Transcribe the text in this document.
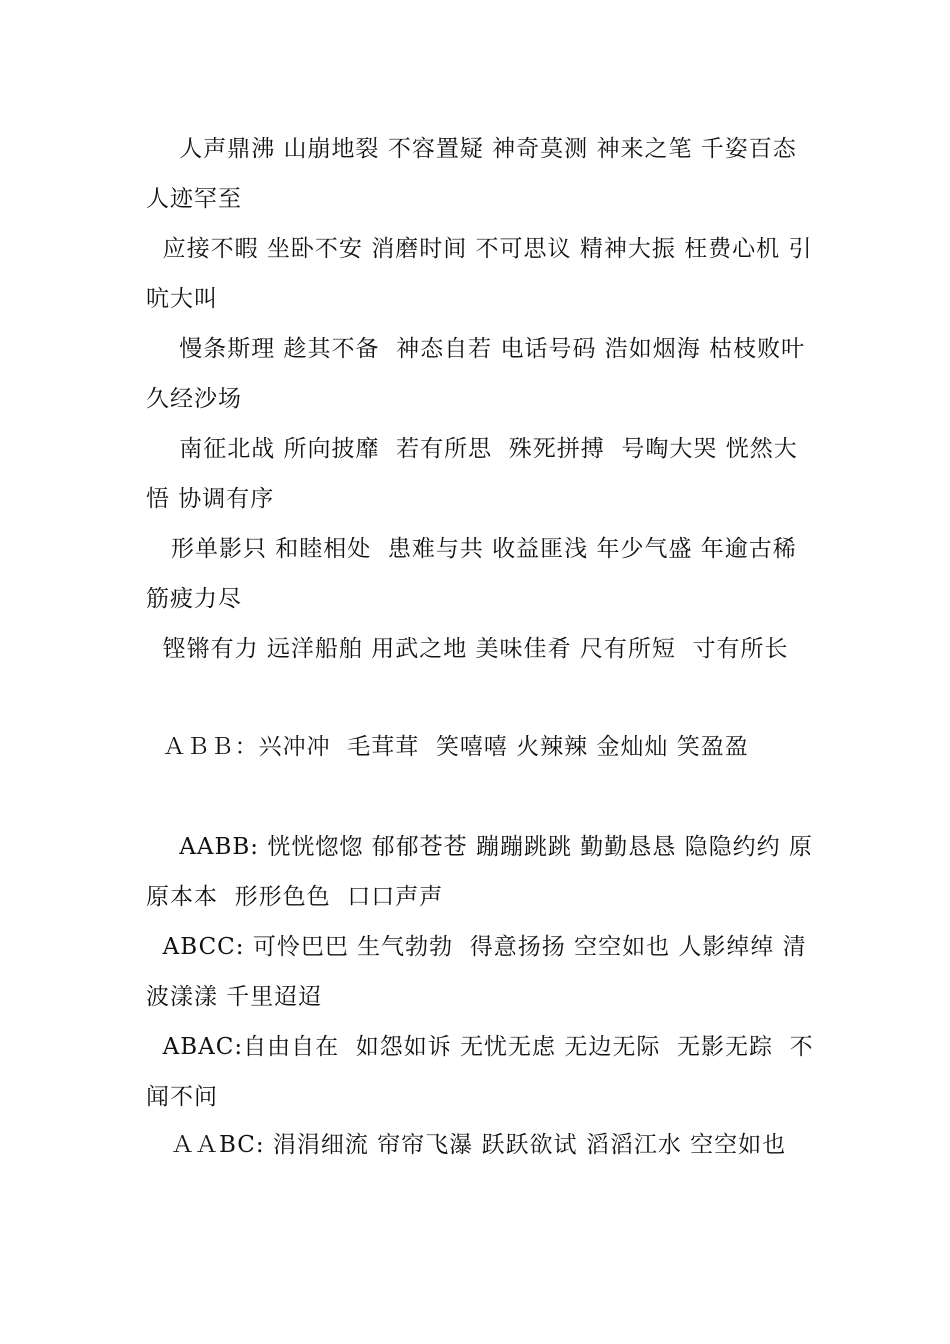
人声鼎沸 山崩地裂 不容置疑 神奇莫测 神来之笔 千姿百态 人迹罕至

应接不暇 坐卧不安 消磨时间 不可思议 精神大振 枉费心机 引吭大叫

慢条斯理 趁其不备  神态自若 电话号码 浩如烟海 枯枝败叶 久经沙场

南征北战 所向披靡  若有所思  殊死拼搏  号啕大哭 恍然大悟 协调有序

形单影只 和睦相处  患难与共 收益匪浅 年少气盛 年逾古稀 筋疲力尽

铿锵有力 远洋船舶 用武之地 美味佳肴 尺有所短  寸有所长

ＡＢＢ：兴冲冲  毛茸茸  笑嘻嘻 火辣辣 金灿灿 笑盈盈

AABB: 恍恍惚惚 郁郁苍苍 蹦蹦跳跳 勤勤恳恳 隐隐约约 原原本本  形形色色  口口声声

ABCC: 可怜巴巴 生气勃勃  得意扬扬 空空如也 人影绰绰 清波漾漾 千里迢迢

ABAC:自由自在  如怨如诉 无忧无虑 无边无际  无影无踪  不闻不问

ＡＡBC: 涓涓细流 帘帘飞瀑 跃跃欲试 滔滔江水 空空如也
